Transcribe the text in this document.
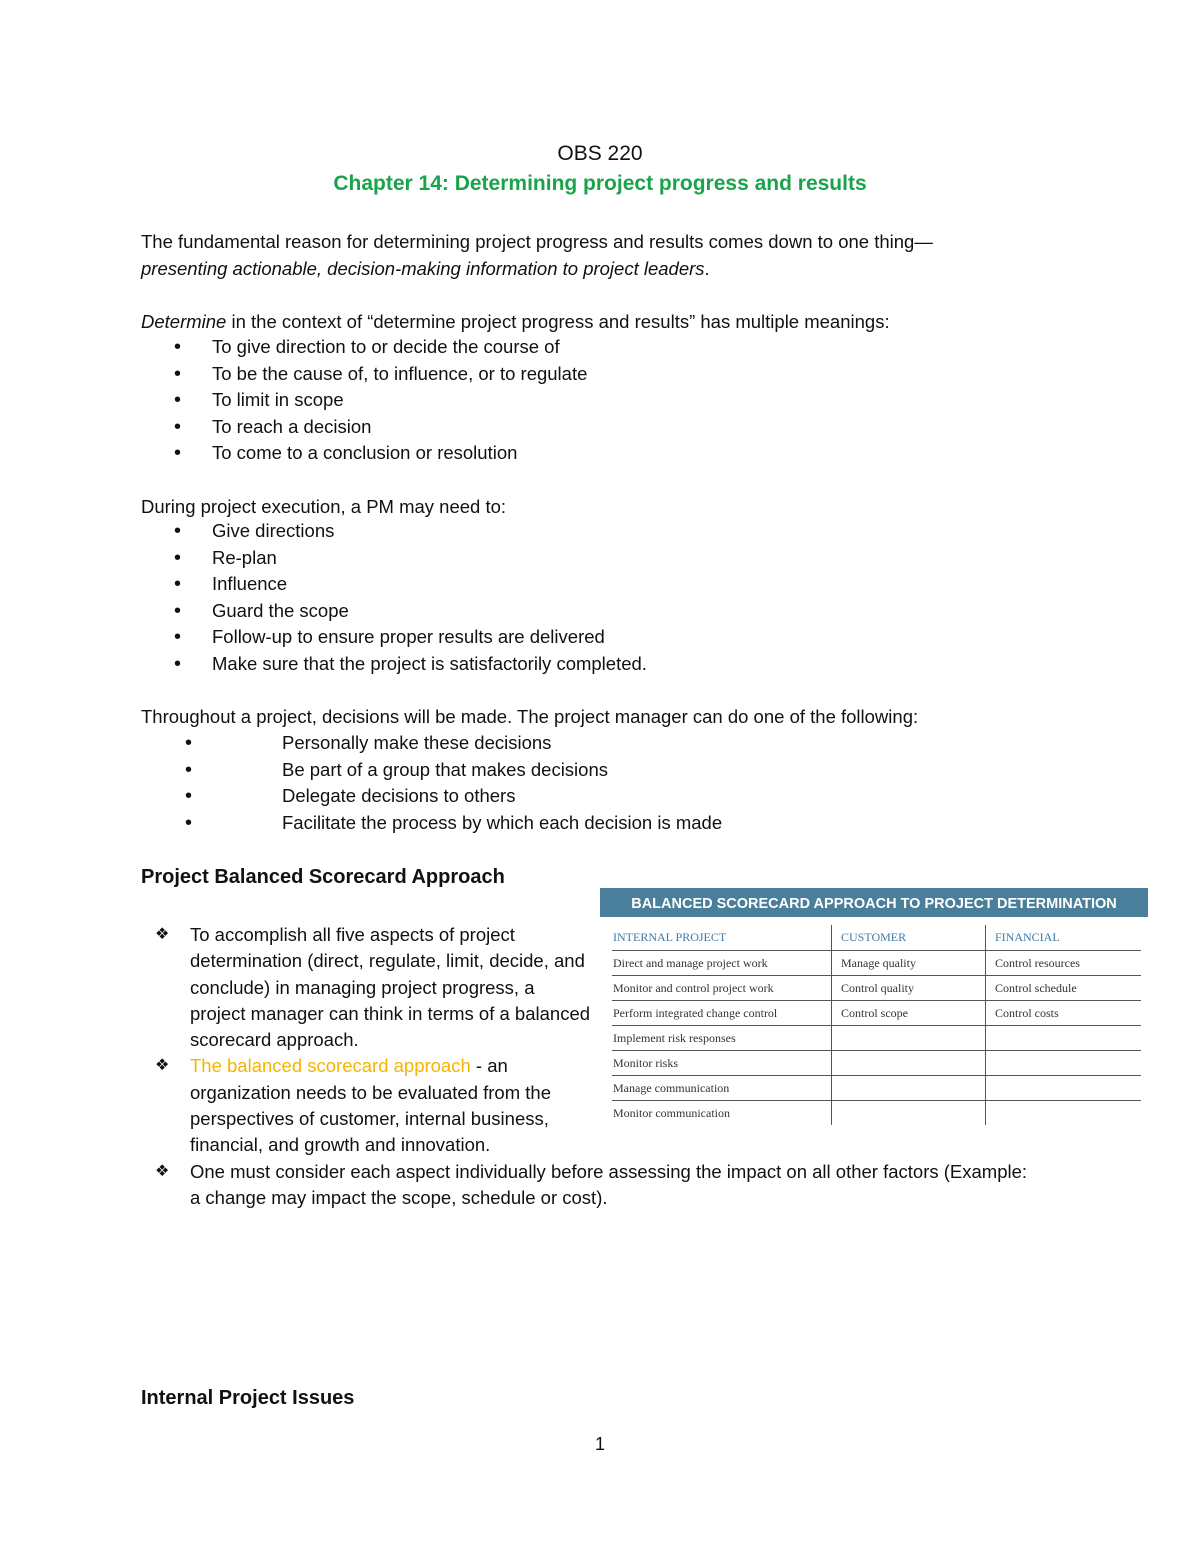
OBS 220
Chapter 14: Determining project progress and results
The fundamental reason for determining project progress and results comes down to one thing—
presenting actionable, decision-making information to project leaders.
Determine in the context of “determine project progress and results” has multiple meanings:
• To give direction to or decide the course of
• To be the cause of, to influence, or to regulate
• To limit in scope
• To reach a decision
• To come to a conclusion or resolution
During project execution, a PM may need to:
• Give directions
• Re-plan
• Influence
• Guard the scope
• Follow-up to ensure proper results are delivered
• Make sure that the project is satisfactorily completed.
Throughout a project, decisions will be made. The project manager can do one of the following:
• Personally make these decisions
• Be part of a group that makes decisions
• Delegate decisions to others
• Facilitate the process by which each decision is made
Project Balanced Scorecard Approach
❖ To accomplish all five aspects of project determination (direct, regulate, limit, decide, and conclude) in managing project progress, a project manager can think in terms of a balanced scorecard approach.
❖ The balanced scorecard approach - an organization needs to be evaluated from the perspectives of customer, internal business, financial, and growth and innovation.
❖ One must consider each aspect individually before assessing the impact on all other factors (Example: a change may impact the scope, schedule or cost).
BALANCED SCORECARD APPROACH TO PROJECT DETERMINATION
INTERNAL PROJECT	CUSTOMER	FINANCIAL
Direct and manage project work	Manage quality	Control resources
Monitor and control project work	Control quality	Control schedule
Perform integrated change control	Control scope	Control costs
Implement risk responses		
Monitor risks		
Manage communication		
Monitor communication		
Internal Project Issues
1
